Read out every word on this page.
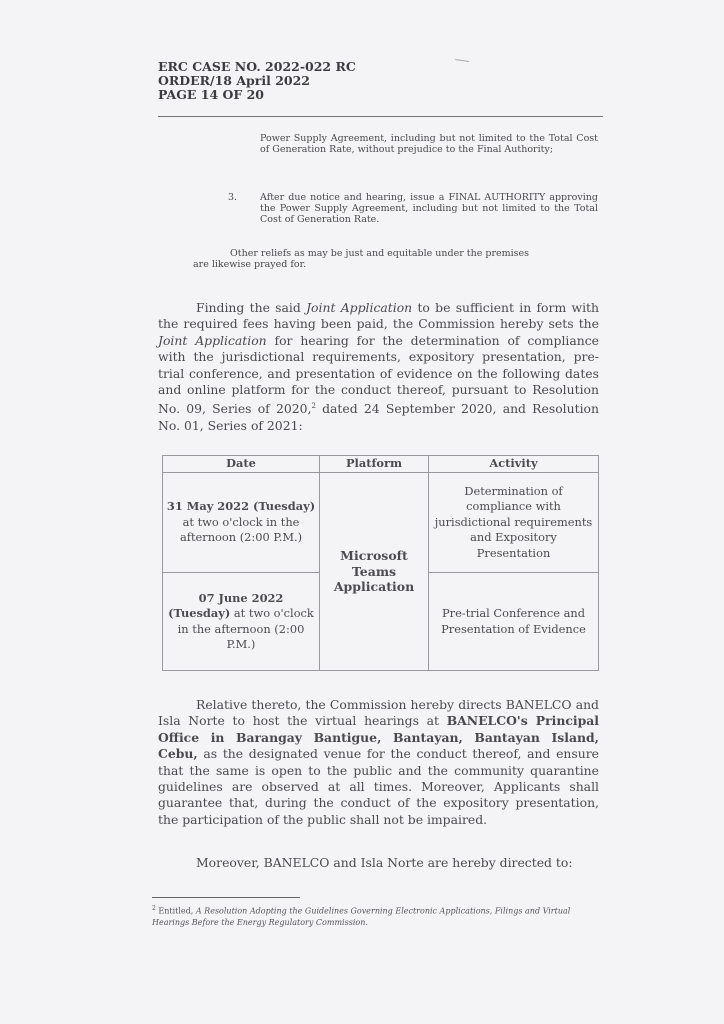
ERC CASE NO. 2022-022 RC
ORDER/18 April 2022
PAGE 14 OF 20
Power Supply Agreement, including but not limited to the Total Cost of Generation Rate, without prejudice to the Final Authority;
3. After due notice and hearing, issue a FINAL AUTHORITY approving the Power Supply Agreement, including but not limited to the Total Cost of Generation Rate.
Other reliefs as may be just and equitable under the premises
are likewise prayed for.
Finding the said Joint Application to be sufficient in form with the required fees having been paid, the Commission hereby sets the Joint Application for hearing for the determination of compliance with the jurisdictional requirements, expository presentation, pre-trial conference, and presentation of evidence on the following dates and online platform for the conduct thereof, pursuant to Resolution No. 09, Series of 2020,$^2$ dated 24 September 2020, and Resolution No. 01, Series of 2021:
Date	Platform	Activity
31 May 2022 (Tuesday) at two o'clock in the afternoon (2:00 P.M.)	Microsoft Teams Application	Determination of compliance with jurisdictional requirements and Expository Presentation
07 June 2022 (Tuesday) at two o'clock in the afternoon (2:00 P.M.)		Pre-trial Conference and Presentation of Evidence
Relative thereto, the Commission hereby directs BANELCO and Isla Norte to host the virtual hearings at BANELCO's Principal Office in Barangay Bantigue, Bantayan, Bantayan Island, Cebu, as the designated venue for the conduct thereof, and ensure that the same is open to the public and the community quarantine guidelines are observed at all times. Moreover, Applicants shall guarantee that, during the conduct of the expository presentation, the participation of the public shall not be impaired.
Moreover, BANELCO and Isla Norte are hereby directed to:
$^2$ Entitled, A Resolution Adopting the Guidelines Governing Electronic Applications, Filings and Virtual Hearings Before the Energy Regulatory Commission.
